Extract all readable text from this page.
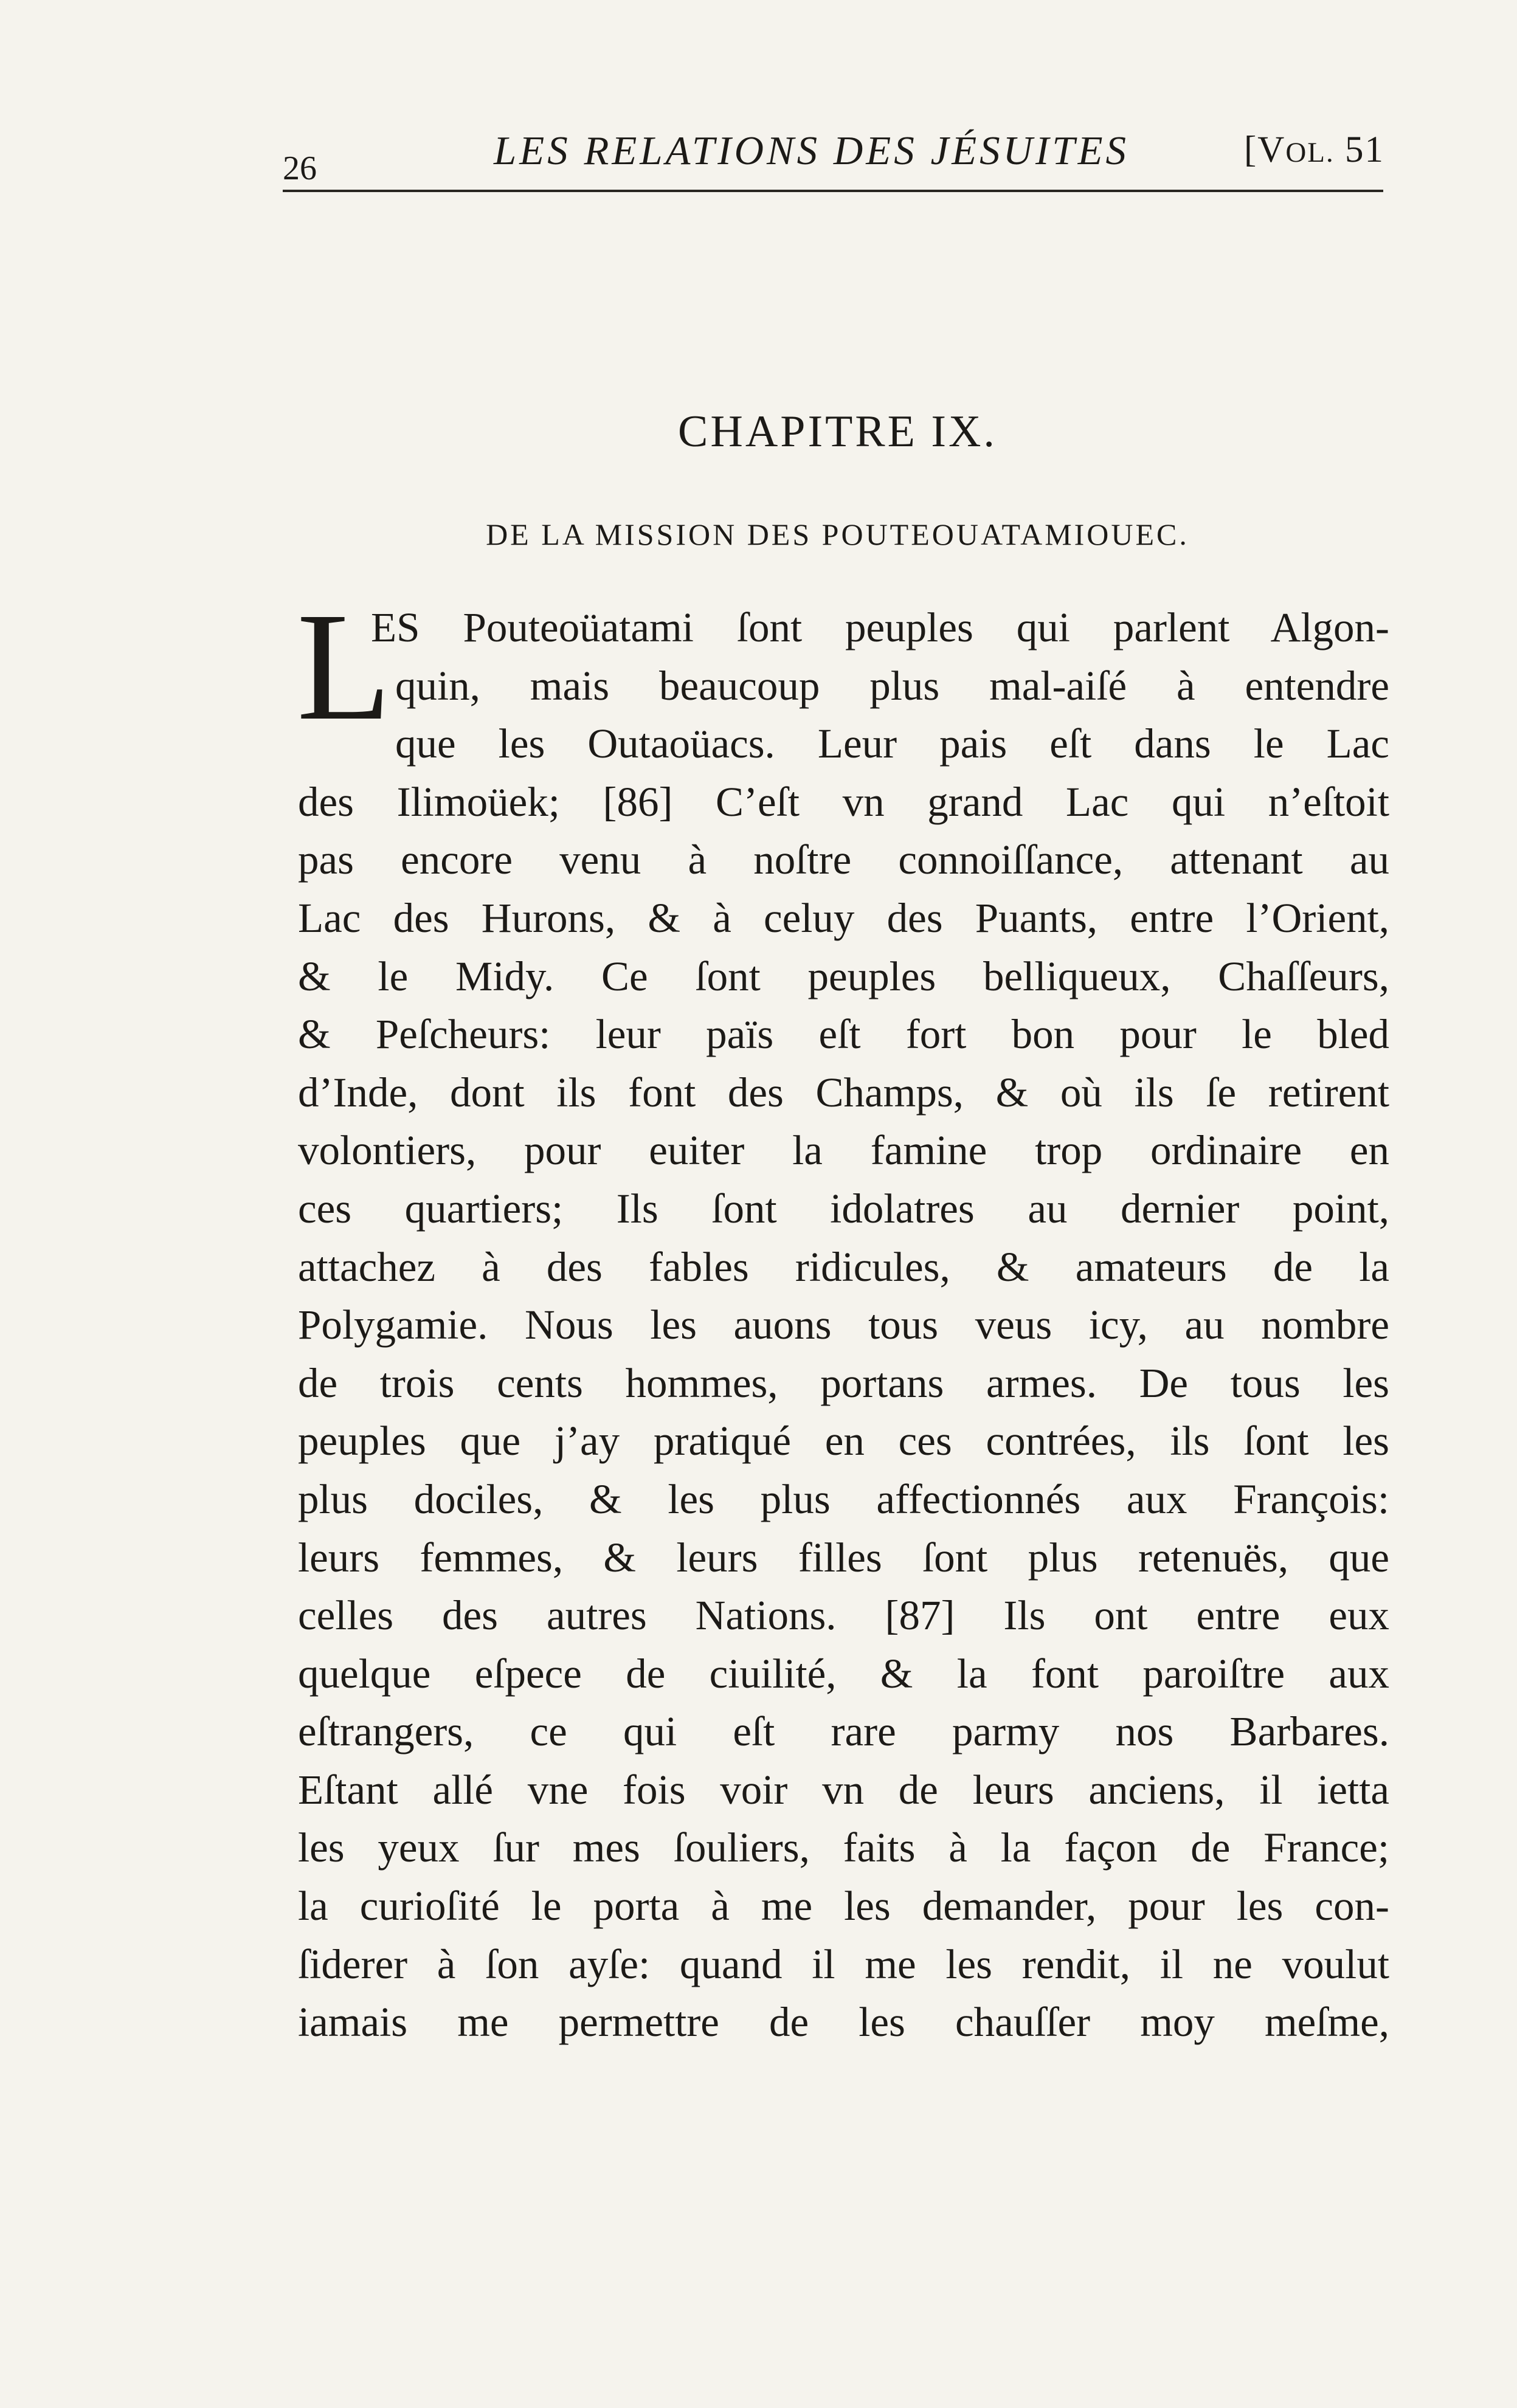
26	LES RELATIONS DES JÉSUITES	[VOL. 51
CHAPITRE IX.
DE LA MISSION DES POUTEOUATAMIOUEC.
L
ES Pouteoüatami ſont peuples qui parlent Algon-
quin, mais beaucoup plus mal-aiſé à entendre
que les Outaoüacs. Leur pais eſt dans le Lac
des Ilimoüek; [86] C’eſt vn grand Lac qui n’eſtoit
pas encore venu à noſtre connoiſſance, attenant au
Lac des Hurons, & à celuy des Puants, entre l’Orient,
& le Midy. Ce ſont peuples belliqueux, Chaſſeurs,
& Peſcheurs: leur païs eſt fort bon pour le bled
d’Inde, dont ils font des Champs, & où ils ſe retirent
volontiers, pour euiter la famine trop ordinaire en
ces quartiers; Ils ſont idolatres au dernier point,
attachez à des fables ridicules, & amateurs de la
Polygamie. Nous les auons tous veus icy, au nombre
de trois cents hommes, portans armes. De tous les
peuples que j’ay pratiqué en ces contrées, ils ſont les
plus dociles, & les plus affectionnés aux François:
leurs femmes, & leurs filles ſont plus retenuës, que
celles des autres Nations. [87] Ils ont entre eux
quelque eſpece de ciuilité, & la font paroiſtre aux
eſtrangers, ce qui eſt rare parmy nos Barbares.
Eſtant allé vne fois voir vn de leurs anciens, il ietta
les yeux ſur mes ſouliers, faits à la façon de France;
la curioſité le porta à me les demander, pour les con-
ſiderer à ſon ayſe: quand il me les rendit, il ne voulut
iamais me permettre de les chauſſer moy meſme,
